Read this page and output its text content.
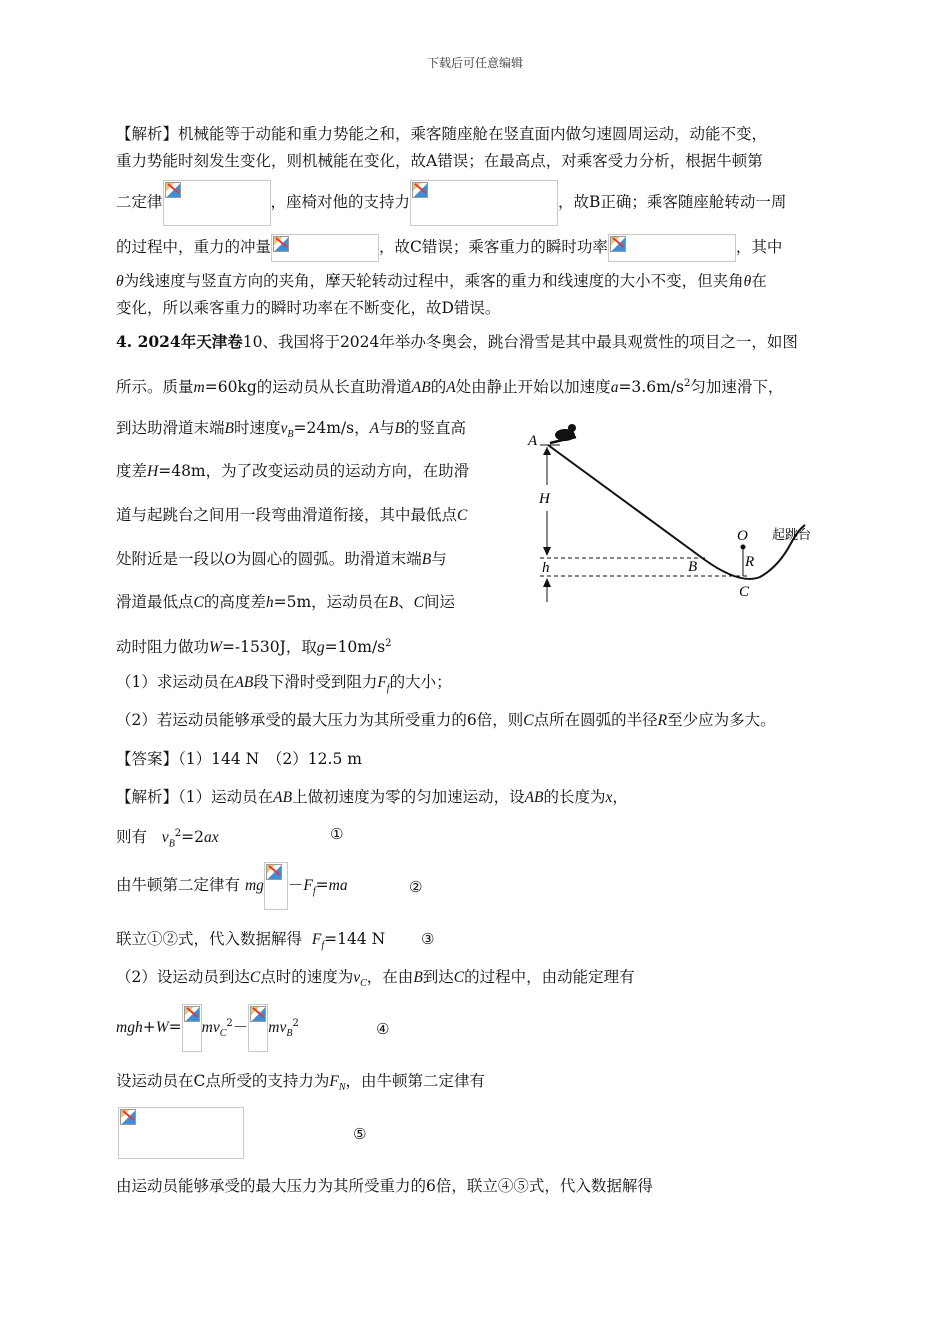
下载后可任意编辑
【解析】机械能等于动能和重力势能之和，乘客随座舱在竖直面内做匀速圆周运动，动能不变，
重力势能时刻发生变化，则机械能在变化，故A错误；在最高点，对乘客受力分析，根据牛顿第
二定律	，座椅对他的支持力	，故B正确；乘客随座舱转动一周
的过程中，重力的冲量	，故C错误；乘客重力的瞬时功率	，其中
θ为线速度与竖直方向的夹角，摩天轮转动过程中，乘客的重力和线速度的大小不变，但夹角θ在
变化，所以乘客重力的瞬时功率在不断变化，故D错误。
4. 2024年天津卷10、我国将于2024年举办冬奥会，跳台滑雪是其中最具观赏性的项目之一，如图
所示。质量m=60kg的运动员从长直助滑道AB的A处由静止开始以加速度$a=3.6m/s^2$匀加速滑下，
到达助滑道末端B时速度$v_B=24m/s$，A与B的竖直高
度差H=48m，为了改变运动员的运动方向，在助滑
道与起跳台之间用一段弯曲滑道衔接，其中最低点C
处附近是一段以O为圆心的圆弧。助滑道末端B与
滑道最低点C的高度差h=5m，运动员在B、C间运
动时阻力做功W=-1530J，取$g=10m/s^2$
（1）求运动员在AB段下滑时受到阻力$F_f$的大小；
（2）若运动员能够承受的最大压力为其所受重力的6倍，则C点所在圆弧的半径R至少应为多大。
【答案】（1）144 N　（2）12.5 m
A
H
h	B
C
O
R
起跳台
【解析】（1）运动员在AB上做初速度为零的匀加速运动，设AB的长度为x，
则有 $v_B^2=2ax$	①
由牛顿第二定律有 mg $-F_f=ma$	②
联立①②式，代入数据解得 $F_f=144$ N ③
（2）设运动员到达C点时的速度为$v_C$，在由B到达C的过程中，由动能定理有
$mgh+W= mv_C^2- mv_B^2$	④
设运动员在C点所受的支持力为$F_N$，由牛顿第二定律有
⑤
由运动员能够承受的最大压力为其所受重力的6倍，联立④⑤式，代入数据解得
